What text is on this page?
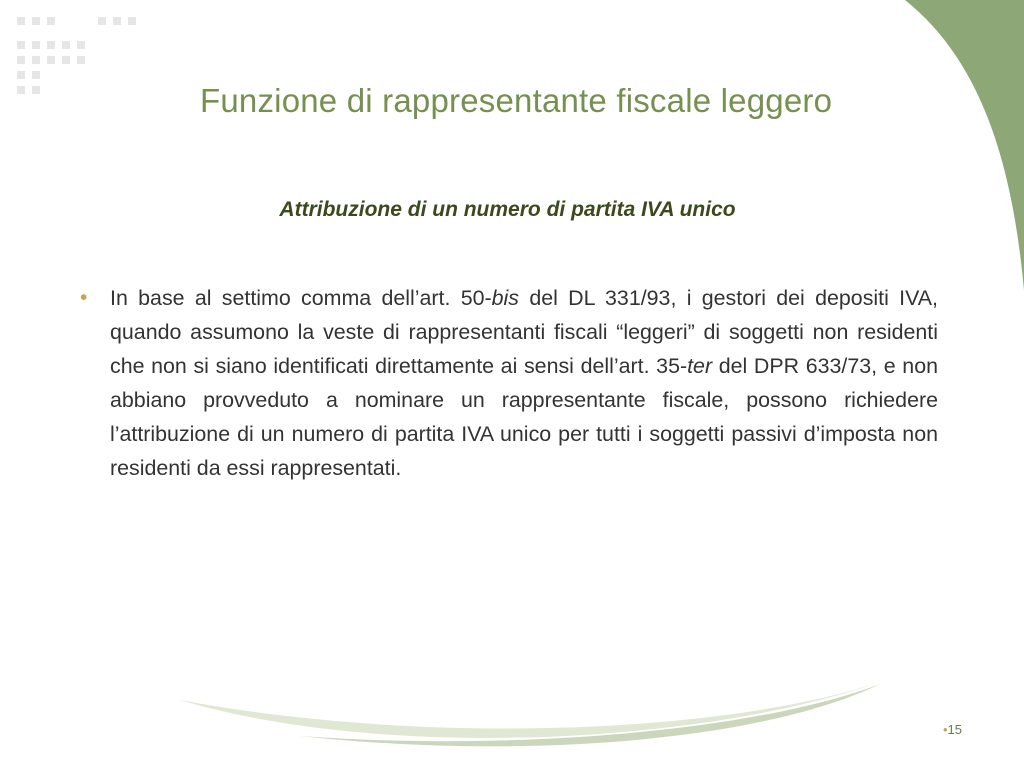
Funzione di rappresentante fiscale leggero
Attribuzione di un numero di partita IVA unico
• In base al settimo comma dell’art. 50-bis del DL 331/93, i gestori dei depositi IVA, quando assumono la veste di rappresentanti fiscali “leggeri” di soggetti non residenti che non si siano identificati direttamente ai sensi dell’art. 35-ter del DPR 633/73, e non abbiano provveduto a nominare un rappresentante fiscale, possono richiedere l’attribuzione di un numero di partita IVA unico per tutti i soggetti passivi d’imposta non residenti da essi rappresentati.
•15
